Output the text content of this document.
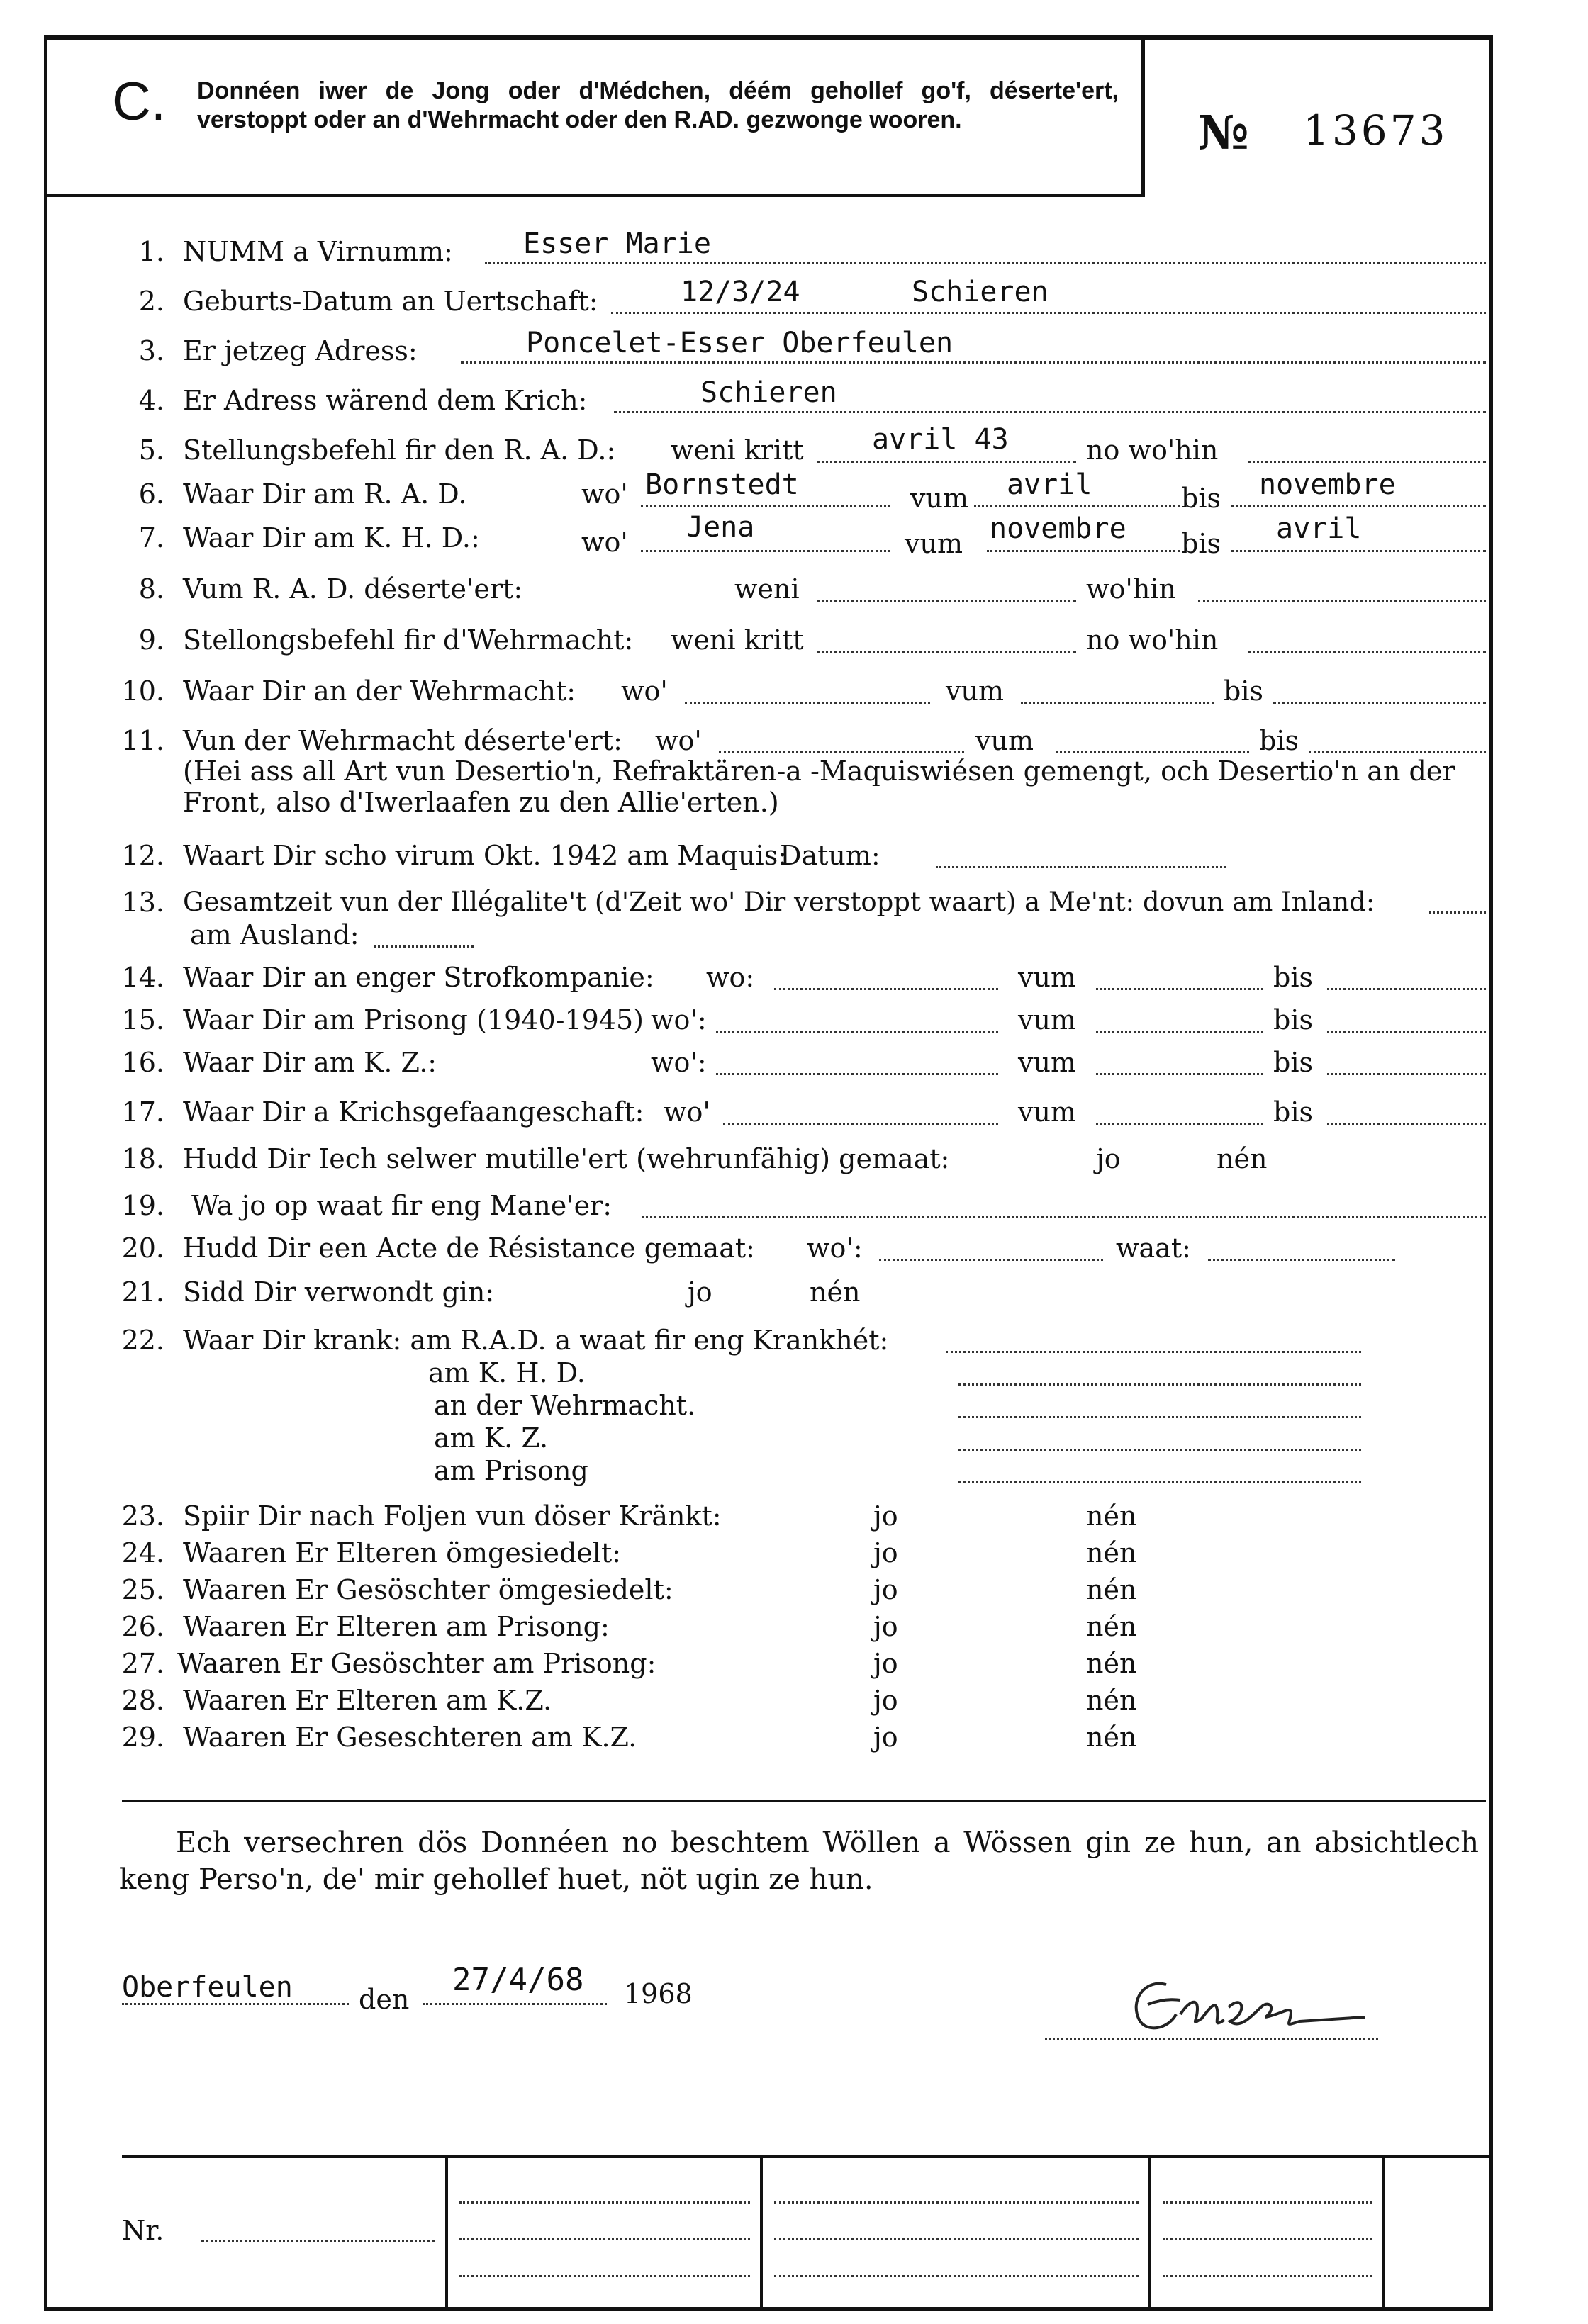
C. Donnéen iwer de Jong oder d'Médchen, déém gehollef go'f, déserte'ert, verstoppt oder an d'Wehrmacht oder den R.AD. gezwonge wooren.	№ 13673
1. NUMM a Virnumm: Esser Marie
2. Geburts-Datum an Uertschaft:	12/3/24	Schieren
3. Er jetzeg Adress:	Poncelet-Esser Oberfeulen
4. Er Adress wärend dem Krich:	Schieren
5. Stellungsbefehl fir den R. A. D.: weni kritt avril 43	no wo'hin
6. Waar Dir am R. A. D.	wo' Bornstedt	vum avril	bis novembre
7. Waar Dir am K. H. D.:	wo' Jena	vum novembre bis avril
8. Vum R. A. D. déserte'ert:	weni	wo'hin
9. Stellongsbefehl fir d'Wehrmacht: weni kritt	no wo'hin
10. Waar Dir an der Wehrmacht: wo'	vum	bis
11. Vun der Wehrmacht déserte'ert: wo'	vum	bis
(Hei ass all Art vun Desertio'n, Refraktären-a -Maquiswiésen gemengt, och Desertio'n an der Front, also d'Iwerlaafen zu den Allie'erten.)
12. Waart Dir scho virum Okt. 1942 am Maquis:
Datum:
13. Gesamtzeit vun der Illégalite't (d'Zeit wo' Dir verstoppt waart) a Me'nt: dovun am Inland:
am Ausland:
14. Waar Dir an enger Strofkompanie: wo:	vum	bis
15. Waar Dir am Prisong (1940-1945) wo':	vum	bis
16. Waar Dir am K. Z.:	wo':	vum	bis
17. Waar Dir a Krichsgefaangeschaft: wo'	vum	bis
18. Hudd Dir Iech selwer mutille'ert (wehrunfähig) gemaat:	jo	nén
19. Wa jo op waat fir eng Mane'er:
20. Hudd Dir een Acte de Résistance gemaat: wo':	waat:
21. Sidd Dir verwondt gin:	jo	nén
22. Waar Dir krank: am R.A.D. a waat fir eng Krankhét:
am K. H. D.
an der Wehrmacht.
am K. Z.
am Prisong
23. Spiir Dir nach Foljen vun döser Kränkt:	jo	nén
24. Waaren Er Elteren ömgesiedelt:	jo	nén
25. Waaren Er Gesöschter ömgesiedelt:	jo	nén
26. Waaren Er Elteren am Prisong:	jo	nén
27. Waaren Er Gesöschter am Prisong:	jo	nén
28. Waaren Er Elteren am K.Z.	jo	nén
29. Waaren Er Geseschteren am K.Z.	jo	nén
Ech versechren dös Donnéen no beschtem Wöllen a Wössen gin ze hun, an absichtlech keng Perso'n, de' mir gehollef huet, nöt ugin ze hun.
Oberfeulen den
27/4/68 1968
Nr.
